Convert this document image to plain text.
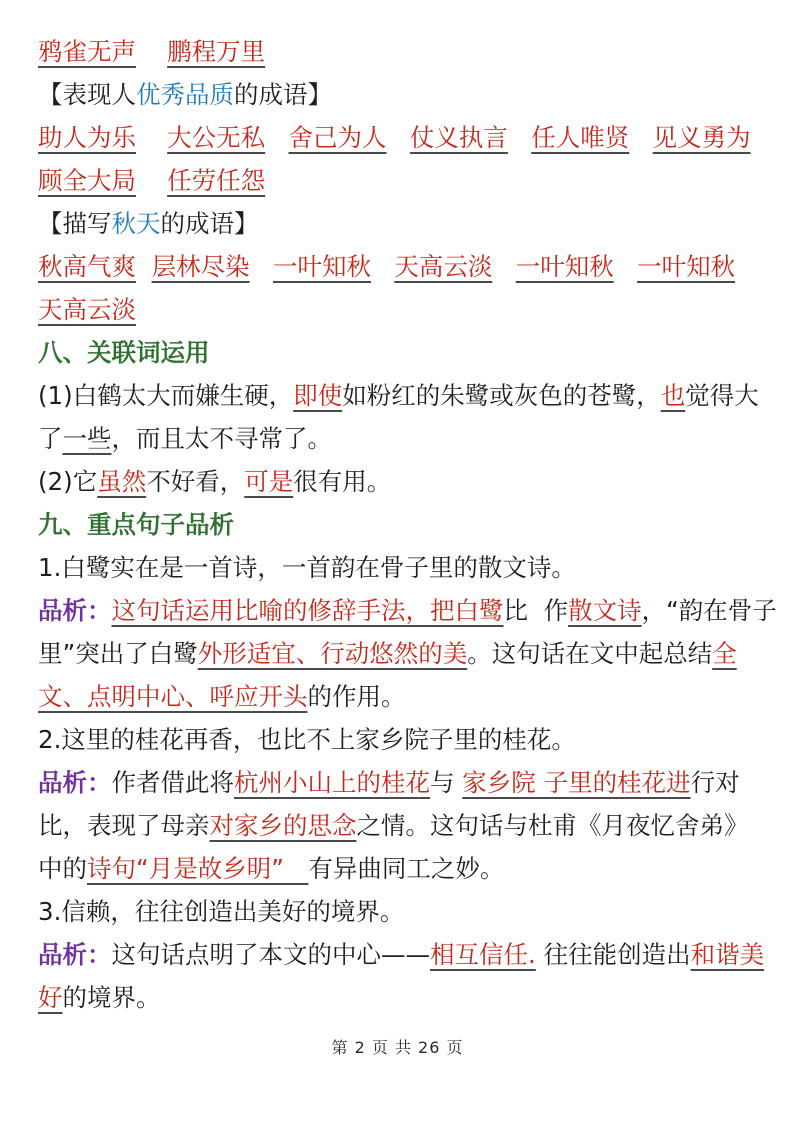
鸦雀无声 鹏程万里
【表现人优秀品质的成语】
助人为乐 大公无私 舍己为人 仗义执言 任人唯贤 见义勇为
顾全大局 任劳任怨
【描写秋天的成语】
秋高气爽 层林尽染 一叶知秋 天高云淡 一叶知秋 一叶知秋
天高云淡
八、关联词运用
(1)白鹤太大而嫌生硬，即使如粉红的朱鹭或灰色的苍鹭，也觉得大
了一些，而且太不寻常了。
(2)它虽然不好看，可是很有用。
九、重点句子品析
1.白鹭实在是一首诗，一首韵在骨子里的散文诗。
品析：这句话运用比喻的修辞手法，把白鹭比  作散文诗，“韵在骨子
里”突出了白鹭外形适宜、行动悠然的美。这句话在文中起总结全
文、点明中心、呼应开头的作用。
2.这里的桂花再香，也比不上家乡院子里的桂花。
品析：作者借此将杭州小山上的桂花与 家乡院 子里的桂花进行对
比，表现了母亲对家乡的思念之情。这句话与杜甫《月夜忆舍弟》
中的诗句“月是故乡明”　有异曲同工之妙。
3.信赖，往往创造出美好的境界。
品析：这句话点明了本文的中心——相互信任. 往往能创造出和谐美
好的境界。
第 2 页 共 26 页
